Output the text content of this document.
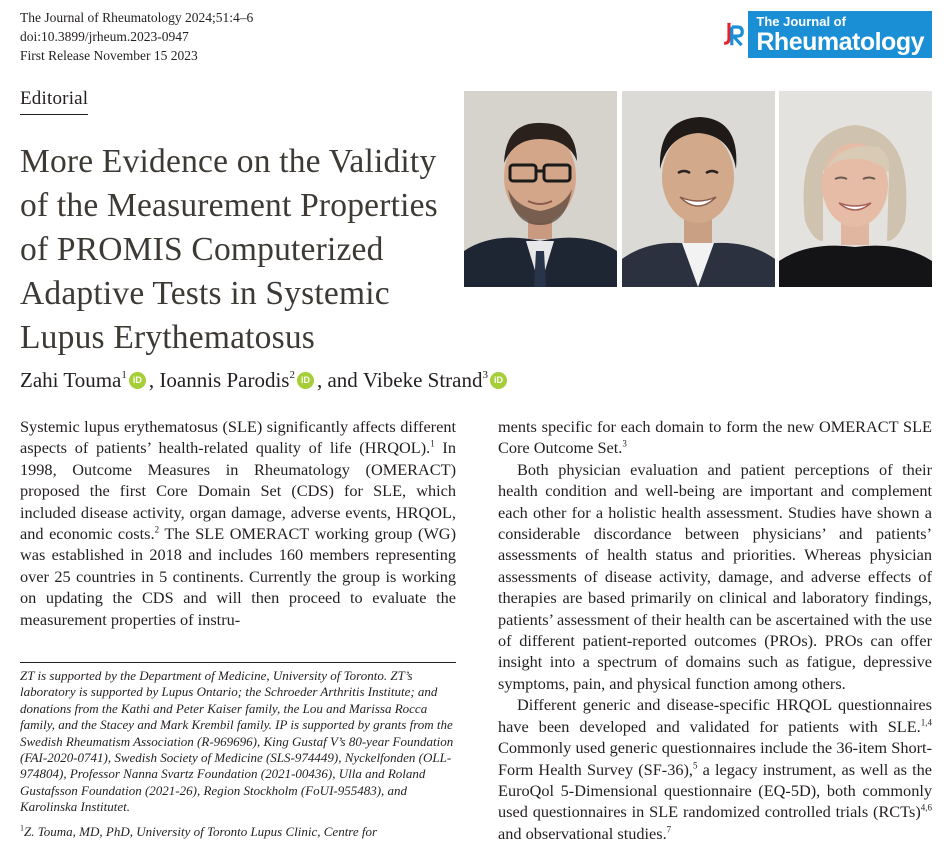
The Journal of Rheumatology 2024;51:4–6
doi:10.3899/jrheum.2023-0947
First Release November 15 2023
The Journal of
Rheumatology
Editorial
More Evidence on the Validity of the Measurement Properties of PROMIS Computerized Adaptive Tests in Systemic Lupus Erythematosus
Zahi Touma$^1$ iD , Ioannis Parodis$^2$ iD , and Vibeke Strand$^3$ iD

Systemic lupus erythematosus (SLE) significantly affects different aspects of patients’ health-related quality of life (HRQOL).$^1$ In 1998, Outcome Measures in Rheumatology (OMERACT) proposed the first Core Domain Set (CDS) for SLE, which included disease activity, organ damage, adverse events, HRQOL, and economic costs.$^2$ The SLE OMERACT working group (WG) was established in 2018 and includes 160 members representing over 25 countries in 5 continents. Currently the group is working on updating the CDS and will then proceed to evaluate the measurement properties of instru-

ZT is supported by the Department of Medicine, University of Toronto. ZT’s laboratory is supported by Lupus Ontario; the Schroeder Arthritis Institute; and donations from the Kathi and Peter Kaiser family, the Lou and Marissa Rocca family, and the Stacey and Mark Krembil family. IP is supported by grants from the Swedish Rheumatism Association (R-969696), King Gustaf V’s 80-year Foundation (FAI-2020-0741), Swedish Society of Medicine (SLS-974449), Nyckelfonden (OLL-974804), Professor Nanna Svartz Foundation (2021-00436), Ulla and Roland Gustafsson Foundation (2021-26), Region Stockholm (FoUI-955483), and Karolinska Institutet.

$^1$Z. Touma, MD, PhD, University of Toronto Lupus Clinic, Centre for

ments specific for each domain to form the new OMERACT SLE Core Outcome Set.$^3$

Both physician evaluation and patient perceptions of their health condition and well-being are important and complement each other for a holistic health assessment. Studies have shown a considerable discordance between physicians’ and patients’ assessments of health status and priorities. Whereas physician assessments of disease activity, damage, and adverse effects of therapies are based primarily on clinical and laboratory findings, patients’ assessment of their health can be ascertained with the use of different patient-reported outcomes (PROs). PROs can offer insight into a spectrum of domains such as fatigue, depressive symptoms, pain, and physical function among others.

Different generic and disease-specific HRQOL questionnaires have been developed and validated for patients with SLE.$^{1,4}$ Commonly used generic questionnaires include the 36-item Short-Form Health Survey (SF-36),$^5$ a legacy instrument, as well as the EuroQol 5-Dimensional questionnaire (EQ-5D), both commonly used questionnaires in SLE randomized controlled trials (RCTs)$^{4,6}$ and observational studies.$^7$
